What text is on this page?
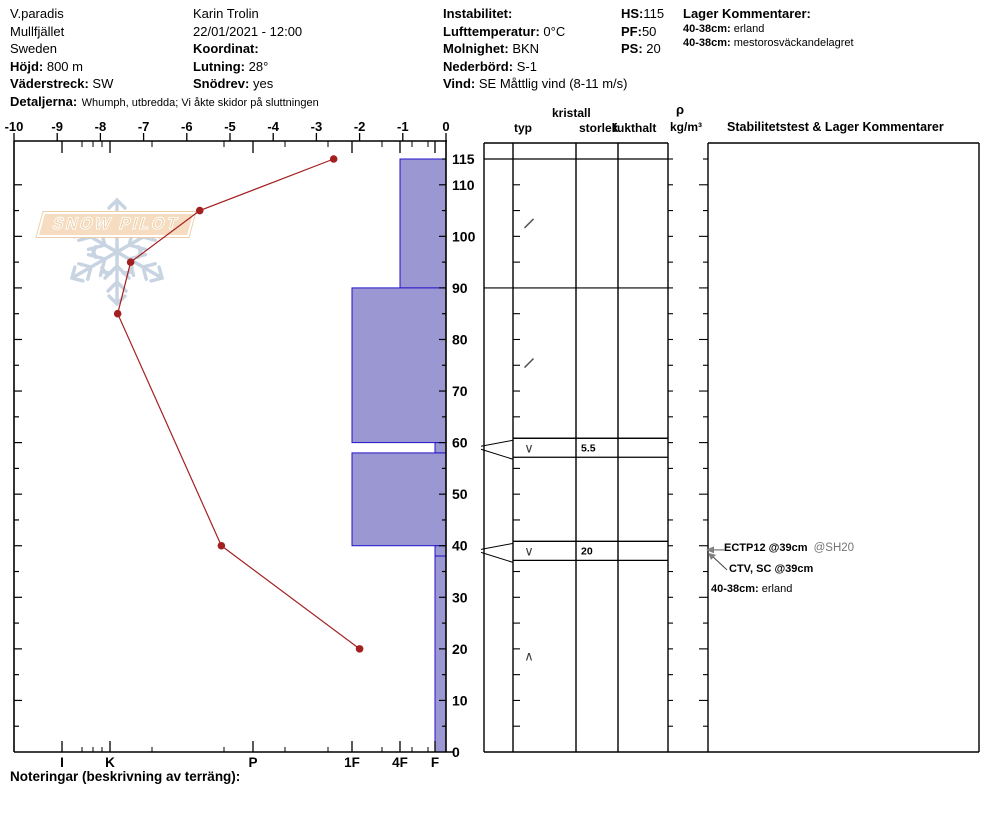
V.paradis
Mullfjället
Sweden
Höjd: 800 m
Väderstreck: SW
Karin Trolin
22/01/2021 - 12:00
Koordinat:
Lutning: 28°
Snödrev: yes
Detaljerna: Whumph, utbredda; Vi åkte skidor på sluttningen
Instabilitet:
Lufttemperatur: 0°C
Molnighet: BKN
Nederbörd: S-1
Vind: SE Måttlig vind (8-11 m/s)
HS:115
PF:50
PS: 20
Lager Kommentarer:
40-38cm: erland
40-38cm: mestorosväckandelagret
SNOW PILOT
typ
kristall
storlek
fukthalt
ρ
kg/m³ Stabilitetstest & Lager Kommentarer
ECTP12 @39cm @SH20
CTV, SC @39cm
40-38cm: erland
Noteringar (beskrivning av terräng):
-10 -9 -8 -7 -6 -5 -4 -3 -2 -1	0
I	K	P	1F 4F F
115
110
100
90
80
70
60
50
40
30
20
10
0
∨	5.5
∨	20
∧
